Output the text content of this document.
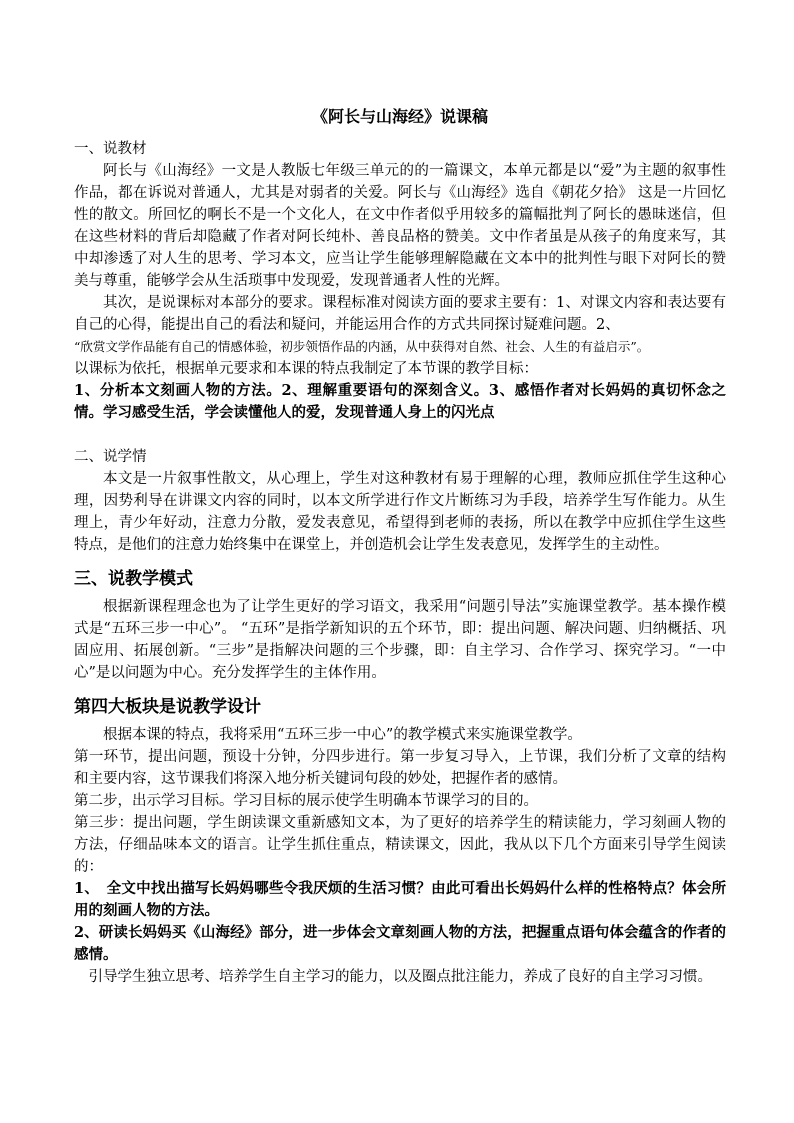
《阿长与山海经》说课稿
一、说教材

阿长与《山海经》一文是人教版七年级三单元的的一篇课文，本单元都是以“爱”为主题的叙事性作品，都在诉说对普通人，尤其是对弱者的关爱。阿长与《山海经》选自《朝花夕拾》 这是一片回忆性的散文。所回忆的啊长不是一个文化人，在文中作者似乎用较多的篇幅批判了阿长的愚昧迷信，但在这些材料的背后却隐藏了作者对阿长纯朴、善良品格的赞美。文中作者虽是从孩子的角度来写，其中却渗透了对人生的思考、学习本文，应当让学生能够理解隐藏在文本中的批判性与眼下对阿长的赞美与尊重，能够学会从生活琐事中发现爱，发现普通者人性的光辉。

其次，是说课标对本部分的要求。课程标准对阅读方面的要求主要有：1、对课文内容和表达要有自己的心得，能提出自己的看法和疑问，并能运用合作的方式共同探讨疑难问题。2、

“欣赏文学作品能有自己的情感体验，初步领悟作品的内涵，从中获得对自然、社会、人生的有益启示”。

以课标为依托，根据单元要求和本课的特点我制定了本节课的教学目标：

1、分析本文刻画人物的方法。2、理解重要语句的深刻含义。3、感悟作者对长妈妈的真切怀念之情。学习感受生活，学会读懂他人的爱，发现普通人身上的闪光点

二、说学情

本文是一片叙事性散文，从心理上，学生对这种教材有易于理解的心理，教师应抓住学生这种心理，因势利导在讲课文内容的同时，以本文所学进行作文片断练习为手段，培养学生写作能力。从生理上，青少年好动，注意力分散，爱发表意见，希望得到老师的表扬，所以在教学中应抓住学生这些特点，是他们的注意力始终集中在课堂上，并创造机会让学生发表意见，发挥学生的主动性。

三、说教学模式

根据新课程理念也为了让学生更好的学习语文，我采用“问题引导法”实施课堂教学。基本操作模式是“五环三步一中心”。 “五环”是指学新知识的五个环节，即：提出问题、解决问题、归纳概括、巩固应用、拓展创新。“三步”是指解决问题的三个步骤，即：自主学习、合作学习、探究学习。“一中心”是以问题为中心。充分发挥学生的主体作用。

第四大板块是说教学设计

根据本课的特点，我将采用“五环三步一中心”的教学模式来实施课堂教学。

第一环节，提出问题，预设十分钟，分四步进行。第一步复习导入，上节课，我们分析了文章的结构和主要内容，这节课我们将深入地分析关键词句段的妙处，把握作者的感情。

第二步，出示学习目标。学习目标的展示使学生明确本节课学习的目的。

第三步：提出问题，学生朗读课文重新感知文本，为了更好的培养学生的精读能力，学习刻画人物的方法，仔细品味本文的语言。让学生抓住重点，精读课文，因此，我从以下几个方面来引导学生阅读的：

1、　全文中找出描写长妈妈哪些令我厌烦的生活习惯？由此可看出长妈妈什么样的性格特点？体会所用的刻画人物的方法。

2、研读长妈妈买《山海经》部分，进一步体会文章刻画人物的方法，把握重点语句体会蕴含的作者的感情。

引导学生独立思考、培养学生自主学习的能力，以及圈点批注能力，养成了良好的自主学习习惯。
